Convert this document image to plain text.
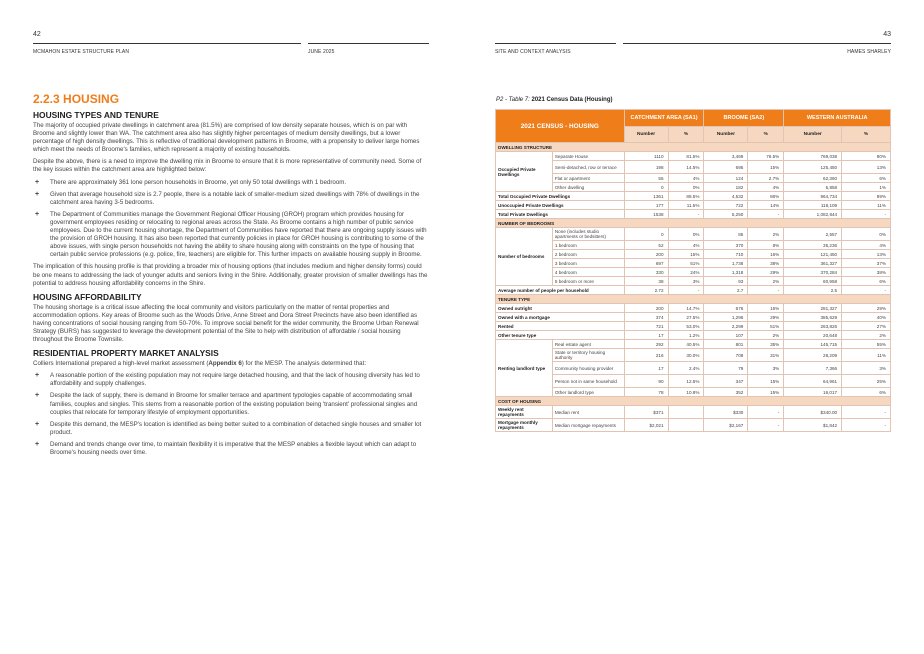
42
MCMAHON ESTATE STRUCTURE PLAN	JUNE 2025
2.2.3 HOUSING
HOUSING TYPES AND TENURE

The majority of occupied private dwellings in catchment area (81.5%) are comprised of low density separate houses, which is on par with Broome and slightly lower than WA. The catchment area also has slightly higher percentages of medium density dwellings, but a lower percentage of high density dwellings. This is reflective of traditional development patterns in Broome, with a propensity to deliver large homes which meet the needs of Broome's families, which represent a majority of existing households.

Despite the above, there is a need to improve the dwelling mix in Broome to ensure that it is more representative of community need. Some of the key issues within the catchment area are highlighted below:

+ There are approximately 361 lone person households in Broome, yet only 50 total dwellings with 1 bedroom.
+ Given that average household size is 2.7 people, there is a notable lack of smaller-medium sized dwellings with 78% of dwellings in the catchment area having 3-5 bedrooms.
+ The Department of Communities manage the Government Regional Officer Housing (GROH) program which provides housing for government employees residing or relocating to regional areas across the State. As Broome contains a high number of public service employees. Due to the current housing shortage, the Department of Communities have reported that there are ongoing supply issues with the provision of GROH housing. It has also been reported that currently policies in place for GROH housing is contributing to some of the above issues, with single person households not having the ability to share housing along with constraints on the type of housing that certain public service professions (e.g. police, fire, teachers) are eligible for. This further impacts on available housing supply in Broome.

The implication of this housing profile is that providing a broader mix of housing options (that includes medium and higher density forms) could be one means to addressing the lack of younger adults and seniors living in the Shire. Additionally, greater provision of smaller dwellings has the potential to address housing affordability concerns in the Shire.

HOUSING AFFORDABILITY

The housing shortage is a critical issue affecting the local community and visitors particularly on the matter of rental properties and accommodation options. Key areas of Broome such as the Woods Drive, Anne Street and Dora Street Precincts have also been identified as having concentrations of social housing ranging from 50-70%. To improve social benefit for the wider community, the Broome Urban Renewal Strategy (BURS) has suggested to leverage the development potential of the Site to help with distribution of affordable / social housing throughout the Broome Townsite.

RESIDENTIAL PROPERTY MARKET ANALYSIS

Colliers International prepared a high-level market assessment (Appendix 6) for the MESP. The analysis determined that:

+ A reasonable portion of the existing population may not require large detached housing, and that the lack of housing diversity has led to affordability and supply challenges.
+ Despite the lack of supply, there is demand in Broome for smaller terrace and apartment typologies capable of accommodating small families, couples and singles. This stems from a reasonable portion of the existing population being 'transient' professional singles and couples that relocate for temporary lifestyle of employment opportunities.
+ Despite this demand, the MESP's location is identified as being better suited to a combination of detached single houses and smaller lot product.
+ Demand and trends change over time, to maintain flexibility it is imperative that the MESP enables a flexible layout which can adapt to Broome's housing needs over time.
43
SITE AND CONTEXT ANALYSIS	HAMES SHARLEY
P2 - Table 7: 2021 Census Data (Housing)
2021 CENSUS - HOUSING		CATCHMENT AREA (SA1)		BROOME (SA2)		WESTERN AUSTRALIA	
		Number	%	Number	%	Number	%
DWELLING STRUCTURE							
Occupied Private Dwellings	Separate House	1110	81.5%	3,469	76.5%	769,038	80%
	Semi-detached, row or terrace	198	14.5%	695	15%	125,450	13%
	Flat or apartment	55	4%	124	2.7%	62,360	6%
	Other dwelling	0	0%	182	4%	5,858	1%
Total Occupied Private Dwellings		1361	88.5%	4,532	86%	964,734	89%
Unoccupied Private Dwellings		177	11.5%	722	14%	118,109	11%
Total Private Dwellings		1538	-	5,250	-	1,082,844	-
NUMBER OF BEDROOMS							
Number of bedrooms	None (includes studio apartments or bedsitters)	0	0%	85	2%	2,557	0%
	1 bedroom	52	4%	370	8%	35,236	4%
	2 bedroom	200	15%	710	16%	121,450	13%
	3 bedroom	697	51%	1,736	38%	361,327	37%
	4 bedroom	330	24%	1,318	29%	370,284	38%
	5 bedroom or more	38	3%	93	2%	60,958	6%
Average number of people per household		2.72	-	2.7	-	2.5	-
TENURE TYPE							
Owned outright		200	14.7%	676	15%	281,327	29%
Owned with a mortgage		374	27.5%	1,296	29%	385,629	40%
Rented		721	53.0%	2,299	51%	263,826	27%
Other tenure type		17	1.2%	107	2%	20,648	2%
Renting landlord type	Real estate agent	292	40.5%	801	35%	145,715	55%
	State or territory housing authority	216	30.0%	708	31%	28,209	11%
	Community housing provider	17	2.4%	79	3%	7,366	3%
	Person not in same household	90	12.5%	347	15%	64,961	25%
	Other landlord type	78	10.8%	352	15%	16,017	6%
COST OF HOUSING							
Weekly rent repayments	Median rent	$371		$330	-	$340.00	-
Mortgage monthly repayments	Median mortgage repayments	$2,021		$2,167	-	$1,842	-
